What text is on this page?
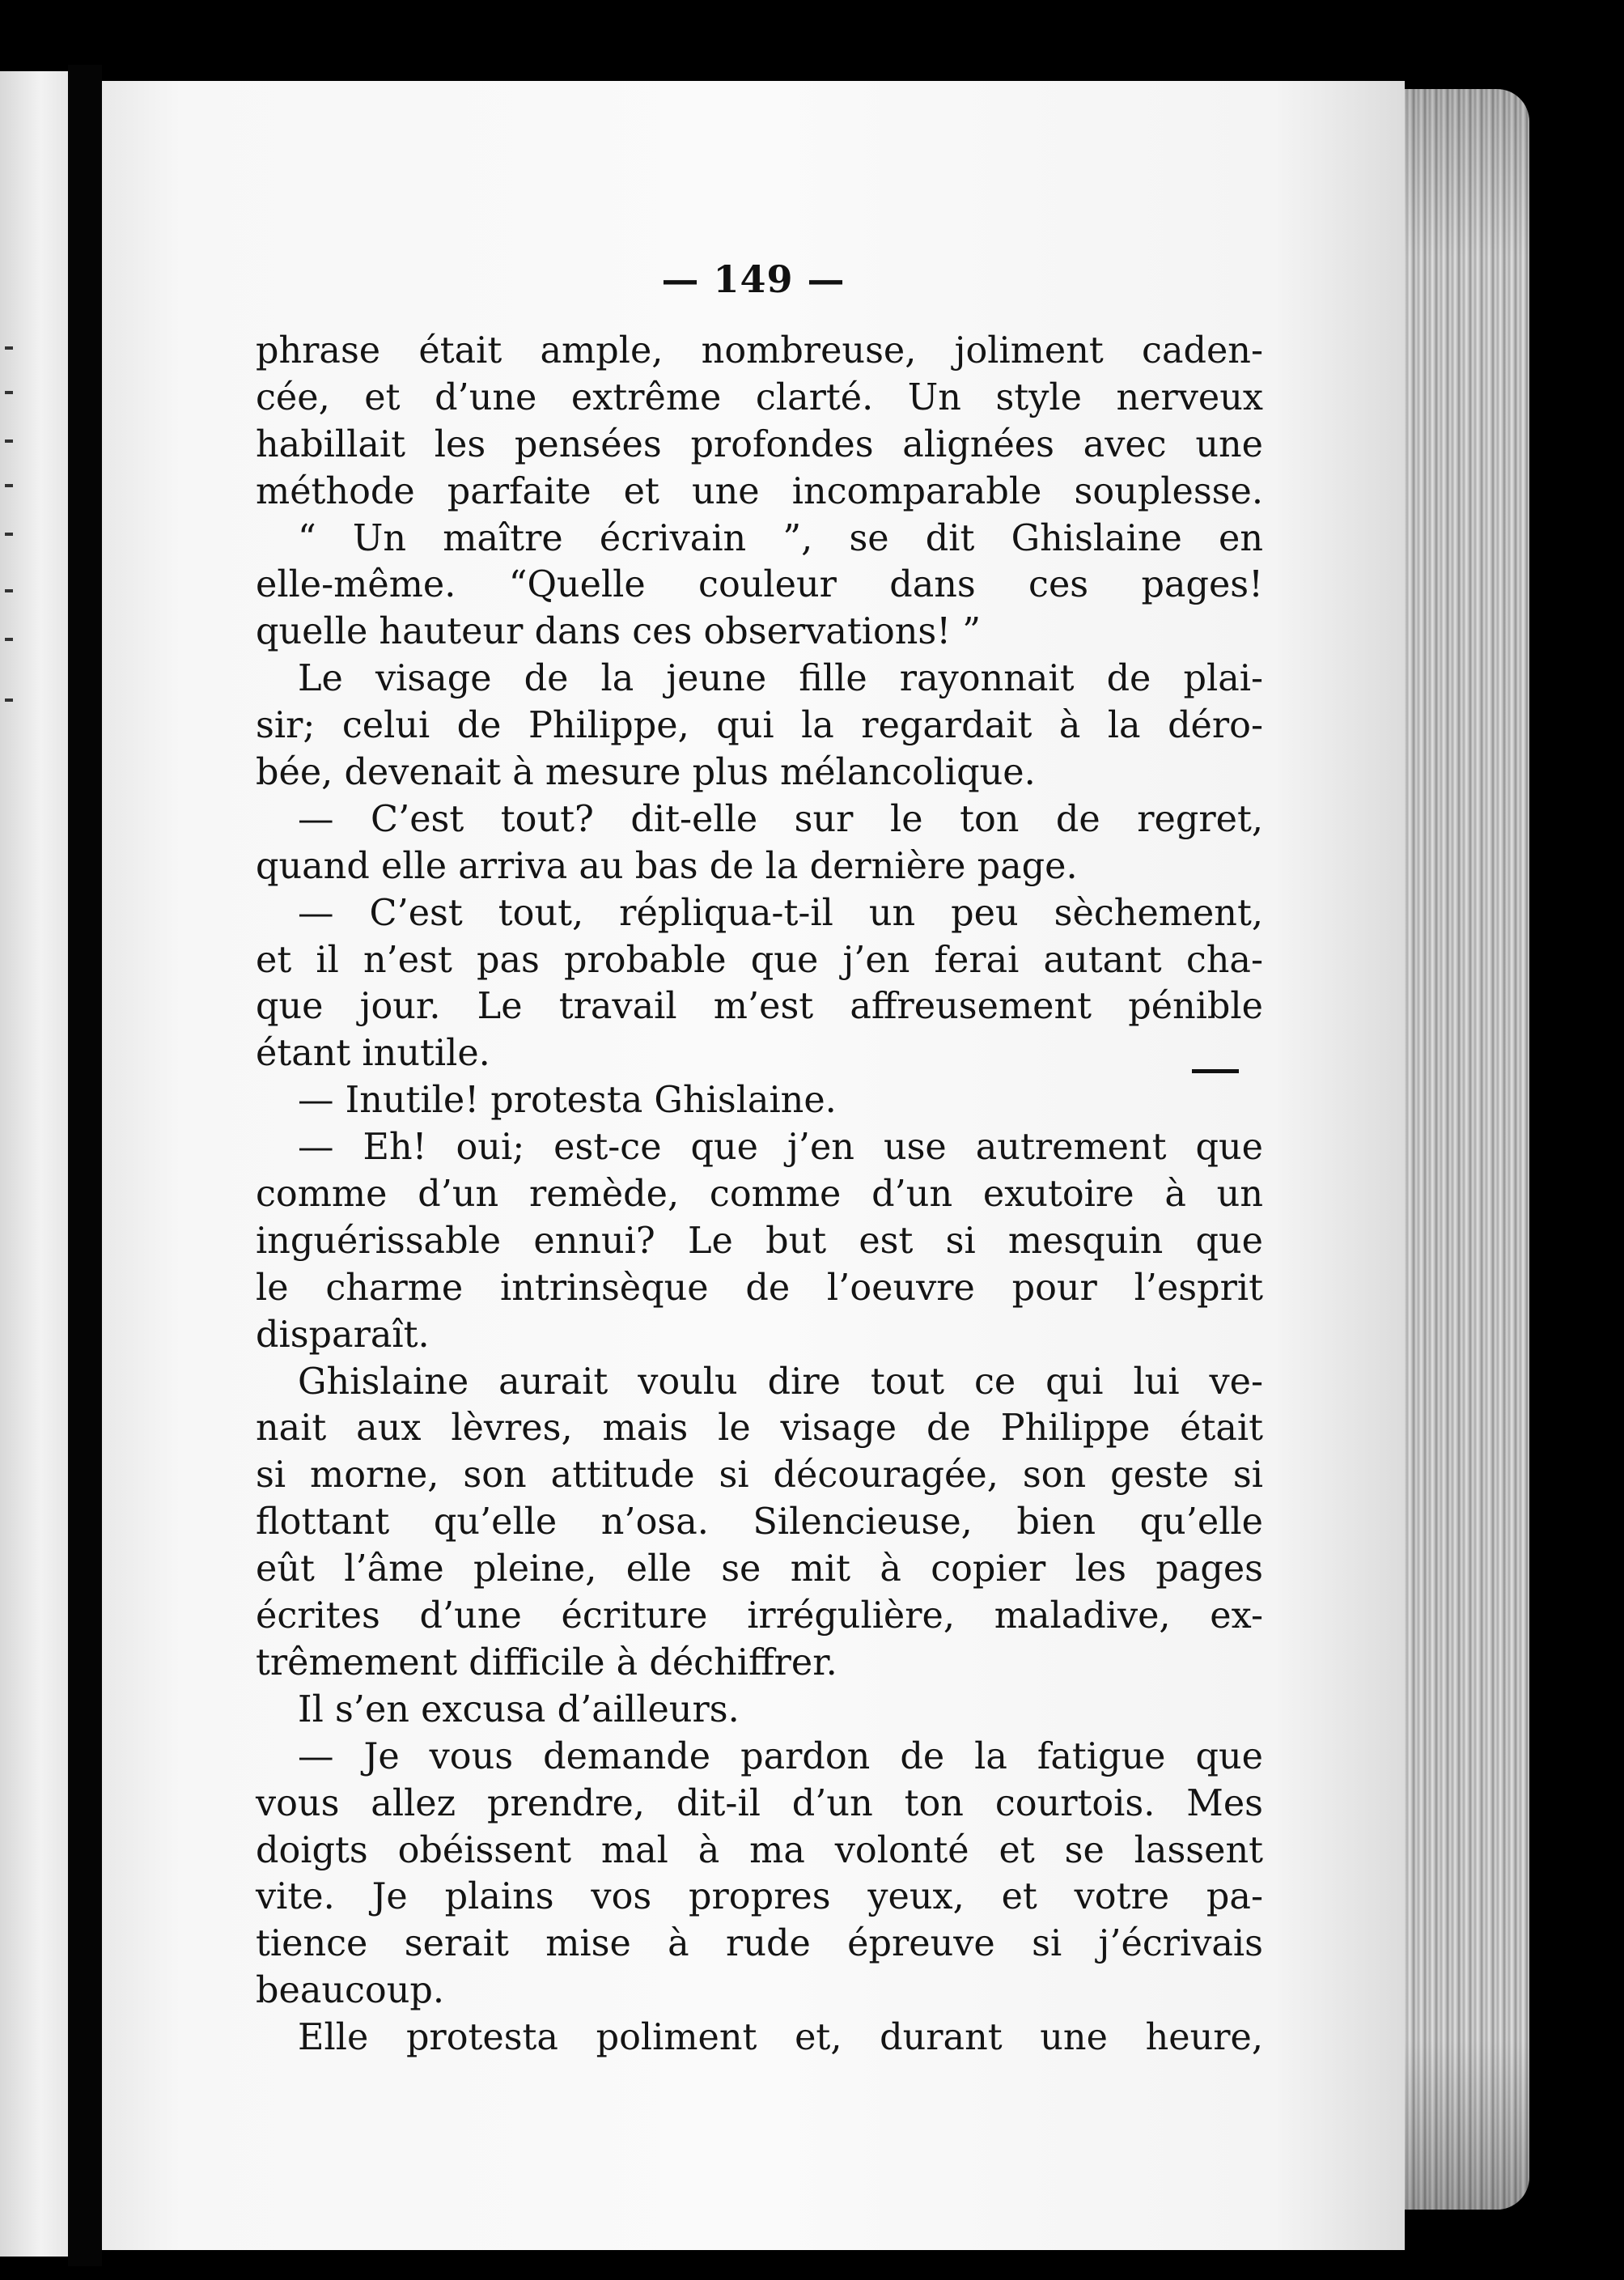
— 149 —
phrase était ample, nombreuse, joliment caden-
cée, et d’une extrême clarté. Un style nerveux
habillait les pensées profondes alignées avec une
méthode parfaite et une incomparable souplesse.
“ Un maître écrivain ”, se dit Ghislaine en
elle-même. “Quelle couleur dans ces pages!
quelle hauteur dans ces observations! ”
Le visage de la jeune fille rayonnait de plai-
sir; celui de Philippe, qui la regardait à la déro-
bée, devenait à mesure plus mélancolique.
— C’est tout? dit-elle sur le ton de regret,
quand elle arriva au bas de la dernière page.
— C’est tout, répliqua-t-il un peu sèchement,
et il n’est pas probable que j’en ferai autant cha-
que jour. Le travail m’est affreusement pénible
étant inutile.
— Inutile! protesta Ghislaine.
— Eh! oui; est-ce que j’en use autrement que
comme d’un remède, comme d’un exutoire à un
inguérissable ennui? Le but est si mesquin que
le charme intrinsèque de l’oeuvre pour l’esprit
disparaît.
Ghislaine aurait voulu dire tout ce qui lui ve-
nait aux lèvres, mais le visage de Philippe était
si morne, son attitude si découragée, son geste si
flottant qu’elle n’osa. Silencieuse, bien qu’elle
eût l’âme pleine, elle se mit à copier les pages
écrites d’une écriture irrégulière, maladive, ex-
trêmement difficile à déchiffrer.
Il s’en excusa d’ailleurs.
— Je vous demande pardon de la fatigue que
vous allez prendre, dit-il d’un ton courtois. Mes
doigts obéissent mal à ma volonté et se lassent
vite. Je plains vos propres yeux, et votre pa-
tience serait mise à rude épreuve si j’écrivais
beaucoup.
Elle protesta poliment et, durant une heure,
